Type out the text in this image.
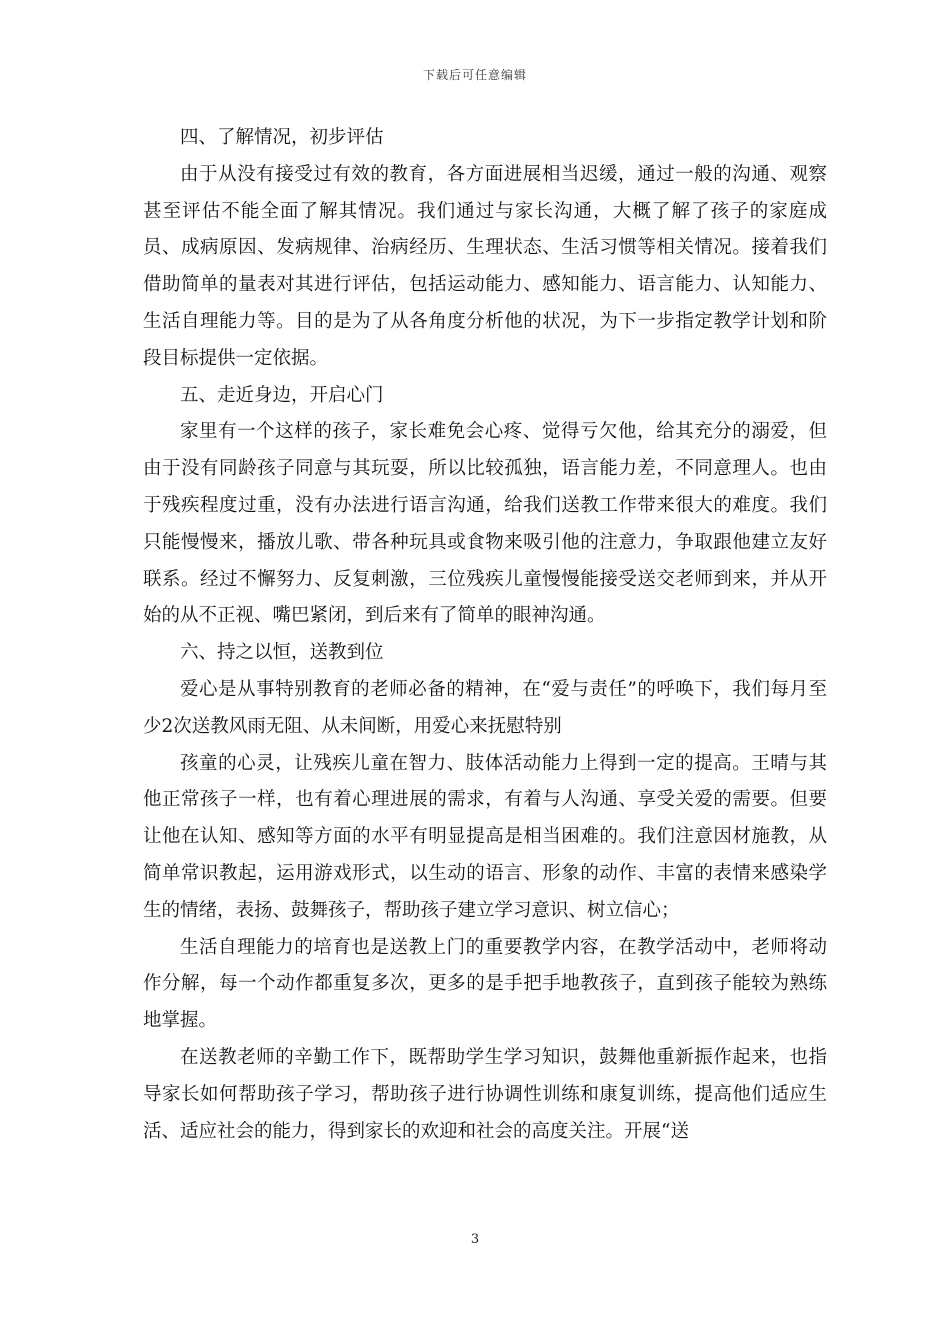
下载后可任意编辑

四、了解情况，初步评估

由于从没有接受过有效的教育，各方面进展相当迟缓，通过一般的沟通、观察甚至评估不能全面了解其情况。我们通过与家长沟通，大概了解了孩子的家庭成员、成病原因、发病规律、治病经历、生理状态、生活习惯等相关情况。接着我们借助简单的量表对其进行评估，包括运动能力、感知能力、语言能力、认知能力、生活自理能力等。目的是为了从各角度分析他的状况，为下一步指定教学计划和阶段目标提供一定依据。

五、走近身边，开启心门

家里有一个这样的孩子，家长难免会心疼、觉得亏欠他，给其充分的溺爱，但由于没有同龄孩子同意与其玩耍，所以比较孤独，语言能力差，不同意理人。也由于残疾程度过重，没有办法进行语言沟通，给我们送教工作带来很大的难度。我们只能慢慢来，播放儿歌、带各种玩具或食物来吸引他的注意力，争取跟他建立友好联系。经过不懈努力、反复刺激，三位残疾儿童慢慢能接受送交老师到来，并从开始的从不正视、嘴巴紧闭，到后来有了简单的眼神沟通。

六、持之以恒，送教到位

爱心是从事特别教育的老师必备的精神，在“爱与责任”的呼唤下，我们每月至少2次送教风雨无阻、从未间断，用爱心来抚慰特别

孩童的心灵，让残疾儿童在智力、肢体活动能力上得到一定的提高。王晴与其他正常孩子一样，也有着心理进展的需求，有着与人沟通、享受关爱的需要。但要让他在认知、感知等方面的水平有明显提高是相当困难的。我们注意因材施教，从简单常识教起，运用游戏形式，以生动的语言、形象的动作、丰富的表情来感染学生的情绪，表扬、鼓舞孩子，帮助孩子建立学习意识、树立信心；

生活自理能力的培育也是送教上门的重要教学内容，在教学活动中，老师将动作分解，每一个动作都重复多次，更多的是手把手地教孩子，直到孩子能较为熟练地掌握。

在送教老师的辛勤工作下，既帮助学生学习知识，鼓舞他重新振作起来，也指导家长如何帮助孩子学习，帮助孩子进行协调性训练和康复训练，提高他们适应生活、适应社会的能力，得到家长的欢迎和社会的高度关注。开展“送

3
